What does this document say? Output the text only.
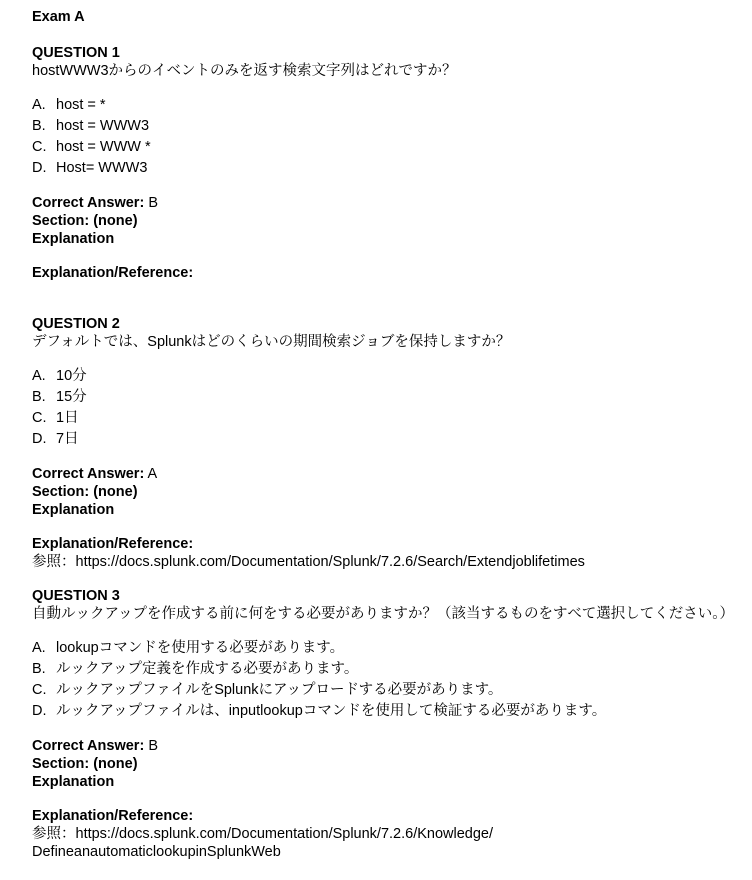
Exam A
QUESTION 1
hostWWW3からのイベントのみを返す検索文字列はどれですか？
A. host = *
B. host = WWW3
C. host = WWW *
D. Host= WWW3
Correct Answer: B
Section: (none)
Explanation
Explanation/Reference:
QUESTION 2
デフォルトでは、Splunkはどのくらいの期間検索ジョブを保持しますか？
A. 10分
B. 15分
C. 1日
D. 7日
Correct Answer: A
Section: (none)
Explanation
Explanation/Reference:
参照：https://docs.splunk.com/Documentation/Splunk/7.2.6/Search/Extendjoblifetimes
QUESTION 3
自動ルックアップを作成する前に何をする必要がありますか？（該当するものをすべて選択してください。）
A. lookupコマンドを使用する必要があります。
B. ルックアップ定義を作成する必要があります。
C. ルックアップファイルをSplunkにアップロードする必要があります。
D. ルックアップファイルは、inputlookupコマンドを使用して検証する必要があります。
Correct Answer: B
Section: (none)
Explanation
Explanation/Reference:
参照：https://docs.splunk.com/Documentation/Splunk/7.2.6/Knowledge/
DefineanautomaticlookupinSplunkWeb
